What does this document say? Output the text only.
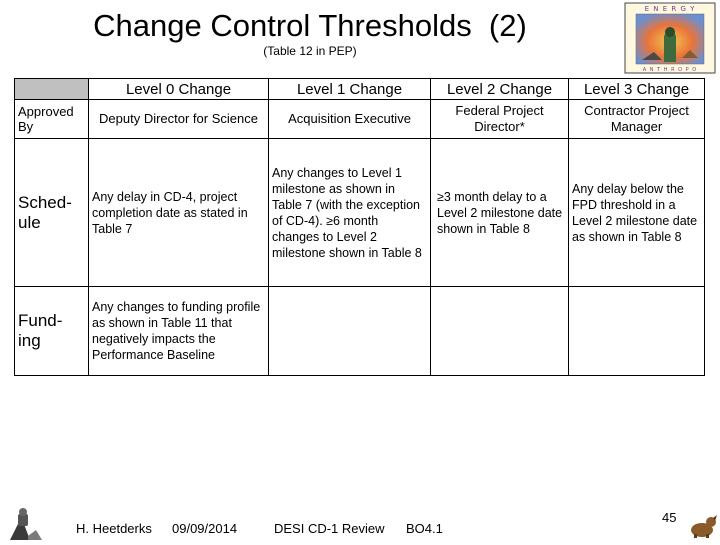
Change Control Thresholds  (2)
(Table 12 in PEP)
E N E R G Y
A N T H R O P O
	Level 0 Change	Level 1 Change	Level 2 Change	Level 3 Change
Approved By	Deputy Director for Science	Acquisition Executive	Federal Project Director*	Contractor Project Manager
Sched-ule	Any delay in CD-4, project completion date as stated in Table 7	Any changes to Level 1 milestone as shown in Table 7 (with the exception of CD-4). ≥6 month changes to Level 2 milestone shown in Table 8	≥3 month delay to a Level 2 milestone date shown in Table 8	Any delay below the FPD threshold in a Level 2 milestone date as shown in Table 8
Fund-ing	Any changes to funding profile as shown in Table 11 that negatively impacts the Performance Baseline			
H. Heetderks 09/09/2014	DESI CD-1 Review BO4.1
45
